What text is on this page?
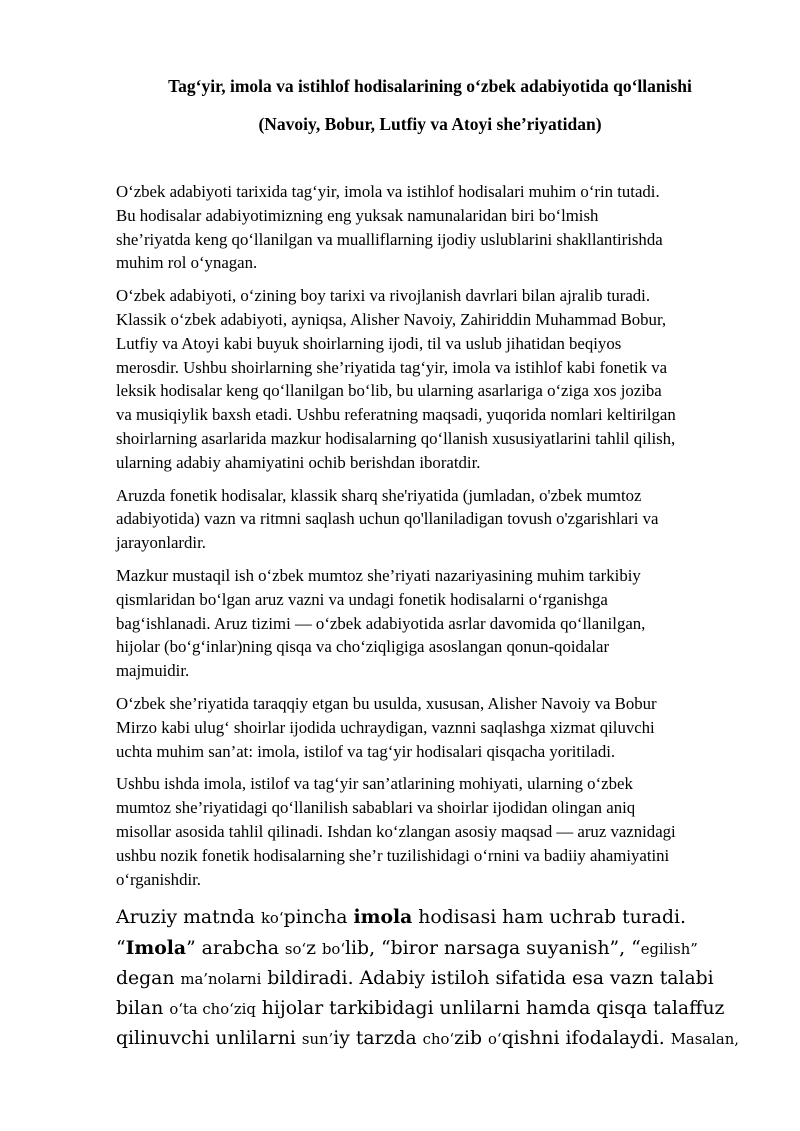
Tag‘yir, imola va istihlof hodisalarining o‘zbek adabiyotida qo‘llanishi
(Navoiy, Bobur, Lutfiy va Atoyi she’riyatidan)

O‘zbek adabiyoti tarixida tag‘yir, imola va istihlof hodisalari muhim o‘rin tutadi.
Bu hodisalar adabiyotimizning eng yuksak namunalaridan biri bo‘lmish
she’riyatda keng qo‘llanilgan va mualliflarning ijodiy uslublarini shakllantirishda
muhim rol o‘ynagan.

O‘zbek adabiyoti, o‘zining boy tarixi va rivojlanish davrlari bilan ajralib turadi.
Klassik o‘zbek adabiyoti, ayniqsa, Alisher Navoiy, Zahiriddin Muhammad Bobur,
Lutfiy va Atoyi kabi buyuk shoirlarning ijodi, til va uslub jihatidan beqiyos
merosdir. Ushbu shoirlarning she’riyatida tag‘yir, imola va istihlof kabi fonetik va
leksik hodisalar keng qo‘llanilgan bo‘lib, bu ularning asarlariga o‘ziga xos joziba
va musiqiylik baxsh etadi. Ushbu referatning maqsadi, yuqorida nomlari keltirilgan
shoirlarning asarlarida mazkur hodisalarning qo‘llanish xususiyatlarini tahlil qilish,
ularning adabiy ahamiyatini ochib berishdan iboratdir.

Aruzda fonetik hodisalar, klassik sharq she'riyatida (jumladan, o'zbek mumtoz
adabiyotida) vazn va ritmni saqlash uchun qo'llaniladigan tovush o'zgarishlari va
jarayonlardir.

Mazkur mustaqil ish o‘zbek mumtoz she’riyati nazariyasining muhim tarkibiy
qismlaridan bo‘lgan aruz vazni va undagi fonetik hodisalarni o‘rganishga
bag‘ishlanadi. Aruz tizimi — o‘zbek adabiyotida asrlar davomida qo‘llanilgan,
hijolar (bo‘g‘inlar)ning qisqa va cho‘ziqligiga asoslangan qonun-qoidalar
majmuidir.

O‘zbek she’riyatida taraqqiy etgan bu usulda, xususan, Alisher Navoiy va Bobur
Mirzo kabi ulug‘ shoirlar ijodida uchraydigan, vaznni saqlashga xizmat qiluvchi
uchta muhim san’at: imola, istilof va tag‘yir hodisalari qisqacha yoritiladi.

Ushbu ishda imola, istilof va tag‘yir san’atlarining mohiyati, ularning o‘zbek
mumtoz she’riyatidagi qo‘llanilish sabablari va shoirlar ijodidan olingan aniq
misollar asosida tahlil qilinadi. Ishdan ko‘zlangan asosiy maqsad — aruz vaznidagi
ushbu nozik fonetik hodisalarning she’r tuzilishidagi o‘rnini va badiiy ahamiyatini
o‘rganishdir.

Aruziy matnda ko‘pincha imola hodisasi ham uchrab turadi.
“Imola” arabcha so‘z bo‘lib, “biror narsaga suyanish”, “egilish”
degan ma’nolarni bildiradi. Adabiy istiloh sifatida esa vazn talabi
bilan o‘ta cho‘ziq hijolar tarkibidagi unlilarni hamda qisqa talaffuz
qilinuvchi unlilarni sun’iy tarzda cho‘zib o‘qishni ifodalaydi. Masalan,
